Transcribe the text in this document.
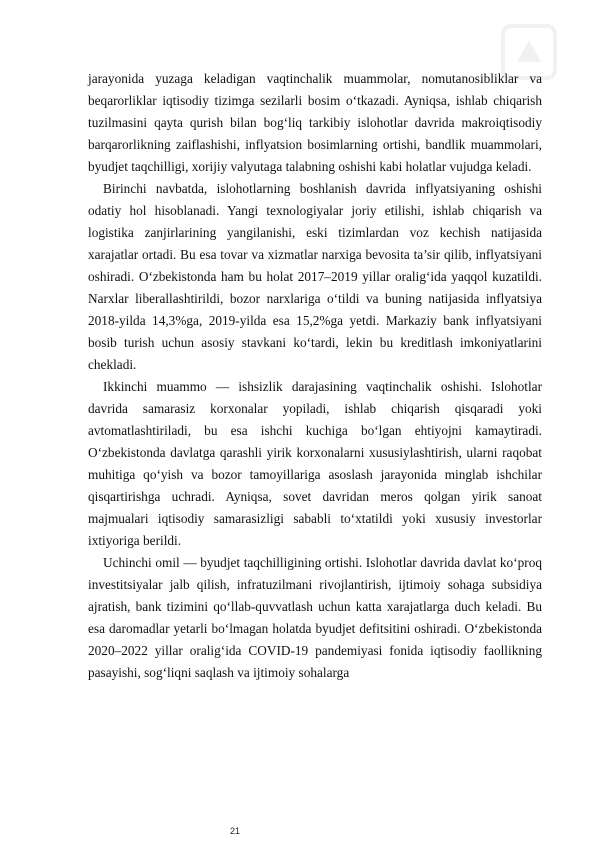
jarayonida yuzaga keladigan vaqtinchalik muammolar, nomutanosibliklar va beqarorliklar iqtisodiy tizimga sezilarli bosim o‘tkazadi. Ayniqsa, ishlab chiqarish tuzilmasini qayta qurish bilan bog‘liq tarkibiy islohotlar davrida makroiqtisodiy barqarorlikning zaiflashishi, inflyatsion bosimlarning ortishi, bandlik muammolari, byudjet taqchilligi, xorijiy valyutaga talabning oshishi kabi holatlar vujudga keladi.

Birinchi navbatda, islohotlarning boshlanish davrida inflyatsiyaning oshishi odatiy hol hisoblanadi. Yangi texnologiyalar joriy etilishi, ishlab chiqarish va logistika zanjirlarining yangilanishi, eski tizimlardan voz kechish natijasida xarajatlar ortadi. Bu esa tovar va xizmatlar narxiga bevosita ta’sir qilib, inflyatsiyani oshiradi. O‘zbekistonda ham bu holat 2017–2019 yillar oralig‘ida yaqqol kuzatildi. Narxlar liberallashtirildi, bozor narxlariga o‘tildi va buning natijasida inflyatsiya 2018-yilda 14,3%ga, 2019-yilda esa 15,2%ga yetdi. Markaziy bank inflyatsiyani bosib turish uchun asosiy stavkani ko‘tardi, lekin bu kreditlash imkoniyatlarini chekladi.

Ikkinchi muammo — ishsizlik darajasining vaqtinchalik oshishi. Islohotlar davrida samarasiz korxonalar yopiladi, ishlab chiqarish qisqaradi yoki avtomatlashtiriladi, bu esa ishchi kuchiga bo‘lgan ehtiyojni kamaytiradi. O‘zbekistonda davlatga qarashli yirik korxonalarni xususiylashtirish, ularni raqobat muhitiga qo‘yish va bozor tamoyillariga asoslash jarayonida minglab ishchilar qisqartirishga uchradi. Ayniqsa, sovet davridan meros qolgan yirik sanoat majmualari iqtisodiy samarasizligi sababli to‘xtatildi yoki xususiy investorlar ixtiyoriga berildi.

Uchinchi omil — byudjet taqchilligining ortishi. Islohotlar davrida davlat ko‘proq investitsiyalar jalb qilish, infratuzilmani rivojlantirish, ijtimoiy sohaga subsidiya ajratish, bank tizimini qo‘llab-quvvatlash uchun katta xarajatlarga duch keladi. Bu esa daromadlar yetarli bo‘lmagan holatda byudjet defitsitini oshiradi. O‘zbekistonda 2020–2022 yillar oralig‘ida COVID-19 pandemiyasi fonida iqtisodiy faollikning pasayishi, sog‘liqni saqlash va ijtimoiy sohalarga

21
